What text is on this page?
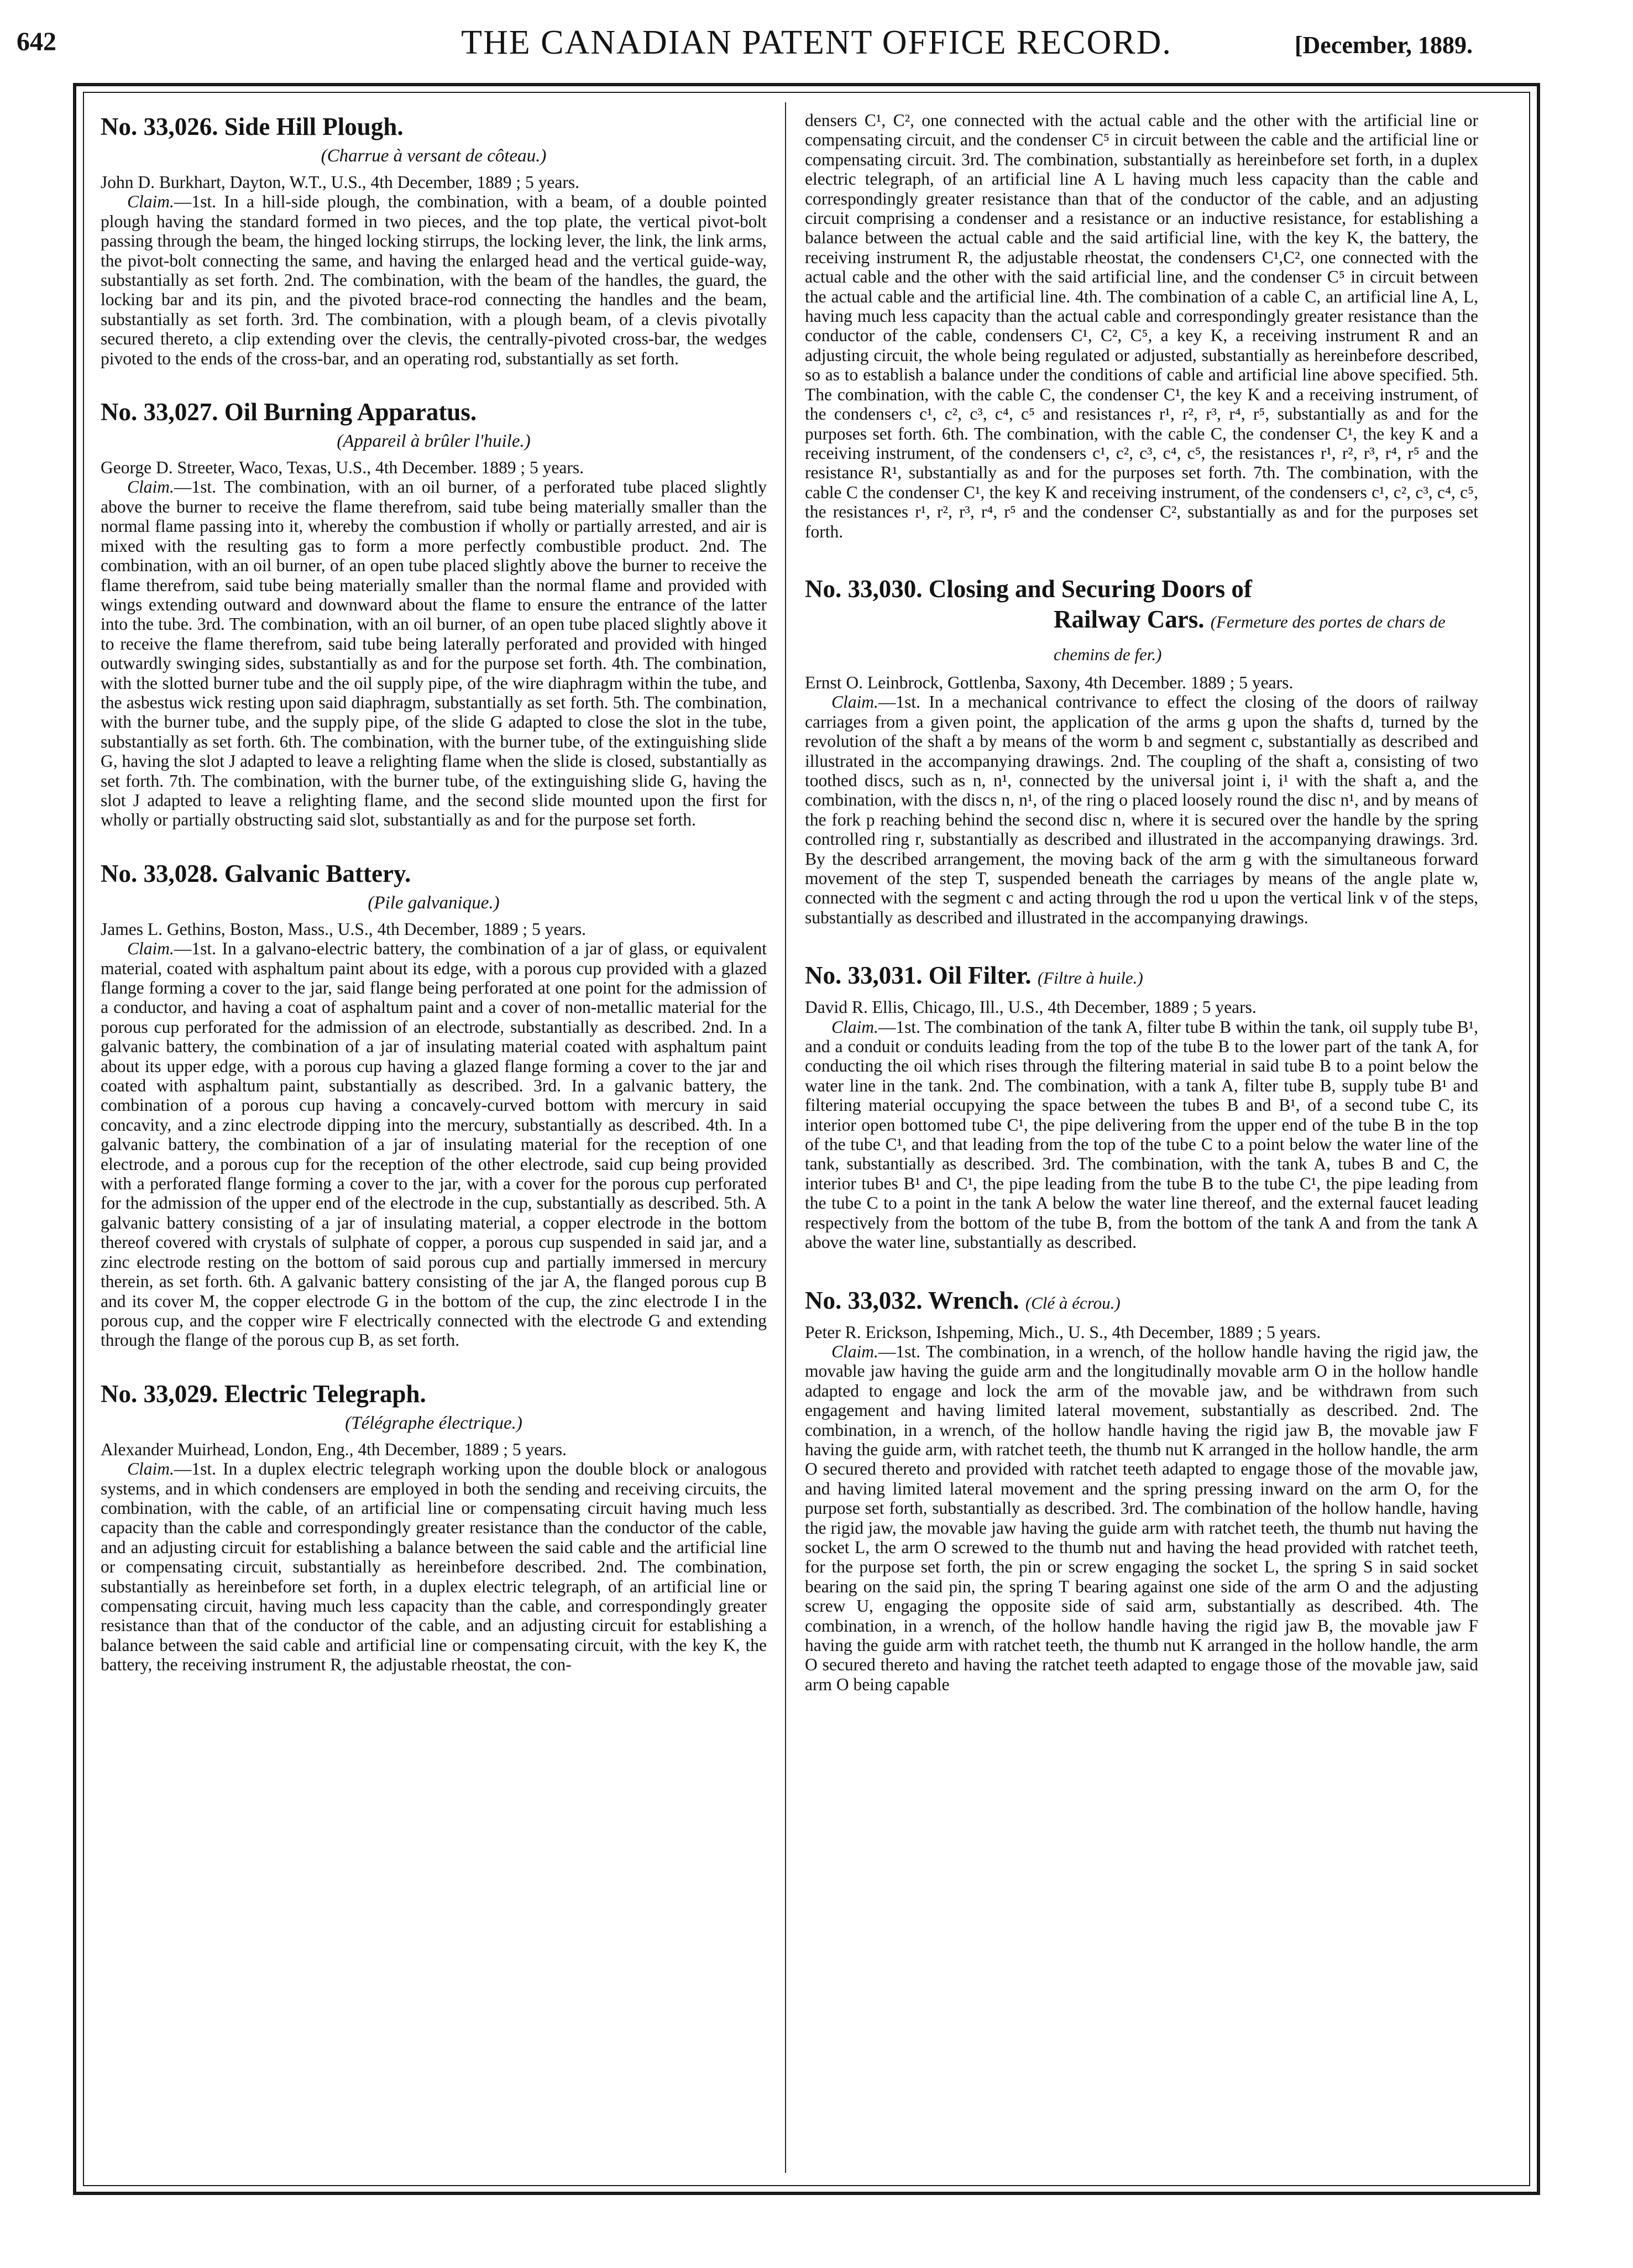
642	THE CANADIAN PATENT OFFICE RECORD.	[December, 1889.

No. 33,026. Side Hill Plough.

(Charrue à versant de côteau.)

John D. Burkhart, Dayton, W.T., U.S., 4th December, 1889 ; 5 years.

Claim.—1st. In a hill-side plough, the combination, with a beam, of a double pointed plough having the standard formed in two pieces, and the top plate, the vertical pivot-bolt passing through the beam, the hinged locking stirrups, the locking lever, the link, the link arms, the pivot-bolt connecting the same, and having the enlarged head and the vertical guide-way, substantially as set forth. 2nd. The combination, with the beam of the handles, the guard, the locking bar and its pin, and the pivoted brace-rod connecting the handles and the beam, substantially as set forth. 3rd. The combination, with a plough beam, of a clevis pivotally secured thereto, a clip extending over the clevis, the centrally-pivoted cross-bar, the wedges pivoted to the ends of the cross-bar, and an operating rod, substantially as set forth.

No. 33,027. Oil Burning Apparatus.

(Appareil à brûler l'huile.)

George D. Streeter, Waco, Texas, U.S., 4th December. 1889 ; 5 years.

Claim.—1st. The combination, with an oil burner, of a perforated tube placed slightly above the burner to receive the flame therefrom, said tube being materially smaller than the normal flame passing into it, whereby the combustion if wholly or partially arrested, and air is mixed with the resulting gas to form a more perfectly combustible product. 2nd. The combination, with an oil burner, of an open tube placed slightly above the burner to receive the flame therefrom, said tube being materially smaller than the normal flame and provided with wings extending outward and downward about the flame to ensure the entrance of the latter into the tube. 3rd. The combination, with an oil burner, of an open tube placed slightly above it to receive the flame therefrom, said tube being laterally perforated and provided with hinged outwardly swinging sides, substantially as and for the purpose set forth. 4th. The combination, with the slotted burner tube and the oil supply pipe, of the wire diaphragm within the tube, and the asbestus wick resting upon said diaphragm, substantially as set forth. 5th. The combination, with the burner tube, and the supply pipe, of the slide G adapted to close the slot in the tube, substantially as set forth. 6th. The combination, with the burner tube, of the extinguishing slide G, having the slot J adapted to leave a relighting flame when the slide is closed, substantially as set forth. 7th. The combination, with the burner tube, of the extinguishing slide G, having the slot J adapted to leave a relighting flame, and the second slide mounted upon the first for wholly or partially obstructing said slot, substantially as and for the purpose set forth.

No. 33,028. Galvanic Battery.

(Pile galvanique.)

James L. Gethins, Boston, Mass., U.S., 4th December, 1889 ; 5 years.

Claim.—1st. In a galvano-electric battery, the combination of a jar of glass, or equivalent material, coated with asphaltum paint about its edge, with a porous cup provided with a glazed flange forming a cover to the jar, said flange being perforated at one point for the admission of a conductor, and having a coat of asphaltum paint and a cover of non-metallic material for the porous cup perforated for the admission of an electrode, substantially as described. 2nd. In a galvanic battery, the combination of a jar of insulating material coated with asphaltum paint about its upper edge, with a porous cup having a glazed flange forming a cover to the jar and coated with asphaltum paint, substantially as described. 3rd. In a galvanic battery, the combination of a porous cup having a concavely-curved bottom with mercury in said concavity, and a zinc electrode dipping into the mercury, substantially as described. 4th. In a galvanic battery, the combination of a jar of insulating material for the reception of one electrode, and a porous cup for the reception of the other electrode, said cup being provided with a perforated flange forming a cover to the jar, with a cover for the porous cup perforated for the admission of the upper end of the electrode in the cup, substantially as described. 5th. A galvanic battery consisting of a jar of insulating material, a copper electrode in the bottom thereof covered with crystals of sulphate of copper, a porous cup suspended in said jar, and a zinc electrode resting on the bottom of said porous cup and partially immersed in mercury therein, as set forth. 6th. A galvanic battery consisting of the jar A, the flanged porous cup B and its cover M, the copper electrode G in the bottom of the cup, the zinc electrode I in the porous cup, and the copper wire F electrically connected with the electrode G and extending through the flange of the porous cup B, as set forth.

No. 33,029. Electric Telegraph.

(Télégraphe électrique.)

Alexander Muirhead, London, Eng., 4th December, 1889 ; 5 years.

Claim.—1st. In a duplex electric telegraph working upon the double block or analogous systems, and in which condensers are employed in both the sending and receiving circuits, the combination, with the cable, of an artificial line or compensating circuit having much less capacity than the cable and correspondingly greater resistance than the conductor of the cable, and an adjusting circuit for establishing a balance between the said cable and the artificial line or compensating circuit, substantially as hereinbefore described. 2nd. The combination, substantially as hereinbefore set forth, in a duplex electric telegraph, of an artificial line or compensating circuit, having much less capacity than the cable, and correspondingly greater resistance than that of the conductor of the cable, and an adjusting circuit for establishing a balance between the said cable and artificial line or compensating circuit, with the key K, the battery, the receiving instrument R, the adjustable rheostat, the con-

densers C¹, C², one connected with the actual cable and the other with the artificial line or compensating circuit, and the condenser C⁵ in circuit between the cable and the artificial line or compensating circuit. 3rd. The combination, substantially as hereinbefore set forth, in a duplex electric telegraph, of an artificial line A L having much less capacity than the cable and correspondingly greater resistance than that of the conductor of the cable, and an adjusting circuit comprising a condenser and a resistance or an inductive resistance, for establishing a balance between the actual cable and the said artificial line, with the key K, the battery, the receiving instrument R, the adjustable rheostat, the condensers C¹,C², one connected with the actual cable and the other with the said artificial line, and the condenser C⁵ in circuit between the actual cable and the artificial line. 4th. The combination of a cable C, an artificial line A, L, having much less capacity than the actual cable and correspondingly greater resistance than the conductor of the cable, condensers C¹, C², C⁵, a key K, a receiving instrument R and an adjusting circuit, the whole being regulated or adjusted, substantially as hereinbefore described, so as to establish a balance under the conditions of cable and artificial line above specified. 5th. The combination, with the cable C, the condenser C¹, the key K and a receiving instrument, of the condensers c¹, c², c³, c⁴, c⁵ and resistances r¹, r², r³, r⁴, r⁵, substantially as and for the purposes set forth. 6th. The combination, with the cable C, the condenser C¹, the key K and a receiving instrument, of the condensers c¹, c², c³, c⁴, c⁵, the resistances r¹, r², r³, r⁴, r⁵ and the resistance R¹, substantially as and for the purposes set forth. 7th. The combination, with the cable C the condenser C¹, the key K and receiving instrument, of the condensers c¹, c², c³, c⁴, c⁵, the resistances r¹, r², r³, r⁴, r⁵ and the condenser C², substantially as and for the purposes set forth.

No. 33,030. Closing and Securing Doors of

Railway Cars. (Fermeture des portes de chars de chemins de fer.)

Ernst O. Leinbrock, Gottlenba, Saxony, 4th December. 1889 ; 5 years.

Claim.—1st. In a mechanical contrivance to effect the closing of the doors of railway carriages from a given point, the application of the arms g upon the shafts d, turned by the revolution of the shaft a by means of the worm b and segment c, substantially as described and illustrated in the accompanying drawings. 2nd. The coupling of the shaft a, consisting of two toothed discs, such as n, n¹, connected by the universal joint i, i¹ with the shaft a, and the combination, with the discs n, n¹, of the ring o placed loosely round the disc n¹, and by means of the fork p reaching behind the second disc n, where it is secured over the handle by the spring controlled ring r, substantially as described and illustrated in the accompanying drawings. 3rd. By the described arrangement, the moving back of the arm g with the simultaneous forward movement of the step T, suspended beneath the carriages by means of the angle plate w, connected with the segment c and acting through the rod u upon the vertical link v of the steps, substantially as described and illustrated in the accompanying drawings.

No. 33,031. Oil Filter. (Filtre à huile.)

David R. Ellis, Chicago, Ill., U.S., 4th December, 1889 ; 5 years.

Claim.—1st. The combination of the tank A, filter tube B within the tank, oil supply tube B¹, and a conduit or conduits leading from the top of the tube B to the lower part of the tank A, for conducting the oil which rises through the filtering material in said tube B to a point below the water line in the tank. 2nd. The combination, with a tank A, filter tube B, supply tube B¹ and filtering material occupying the space between the tubes B and B¹, of a second tube C, its interior open bottomed tube C¹, the pipe delivering from the upper end of the tube B in the top of the tube C¹, and that leading from the top of the tube C to a point below the water line of the tank, substantially as described. 3rd. The combination, with the tank A, tubes B and C, the interior tubes B¹ and C¹, the pipe leading from the tube B to the tube C¹, the pipe leading from the tube C to a point in the tank A below the water line thereof, and the external faucet leading respectively from the bottom of the tube B, from the bottom of the tank A and from the tank A above the water line, substantially as described.

No. 33,032. Wrench. (Clé à écrou.)

Peter R. Erickson, Ishpeming, Mich., U. S., 4th December, 1889 ; 5 years.

Claim.—1st. The combination, in a wrench, of the hollow handle having the rigid jaw, the movable jaw having the guide arm and the longitudinally movable arm O in the hollow handle adapted to engage and lock the arm of the movable jaw, and be withdrawn from such engagement and having limited lateral movement, substantially as described. 2nd. The combination, in a wrench, of the hollow handle having the rigid jaw B, the movable jaw F having the guide arm, with ratchet teeth, the thumb nut K arranged in the hollow handle, the arm O secured thereto and provided with ratchet teeth adapted to engage those of the movable jaw, and having limited lateral movement and the spring pressing inward on the arm O, for the purpose set forth, substantially as described. 3rd. The combination of the hollow handle, having the rigid jaw, the movable jaw having the guide arm with ratchet teeth, the thumb nut having the socket L, the arm O screwed to the thumb nut and having the head provided with ratchet teeth, for the purpose set forth, the pin or screw engaging the socket L, the spring S in said socket bearing on the said pin, the spring T bearing against one side of the arm O and the adjusting screw U, engaging the opposite side of said arm, substantially as described. 4th. The combination, in a wrench, of the hollow handle having the rigid jaw B, the movable jaw F having the guide arm with ratchet teeth, the thumb nut K arranged in the hollow handle, the arm O secured thereto and having the ratchet teeth adapted to engage those of the movable jaw, said arm O being capable
